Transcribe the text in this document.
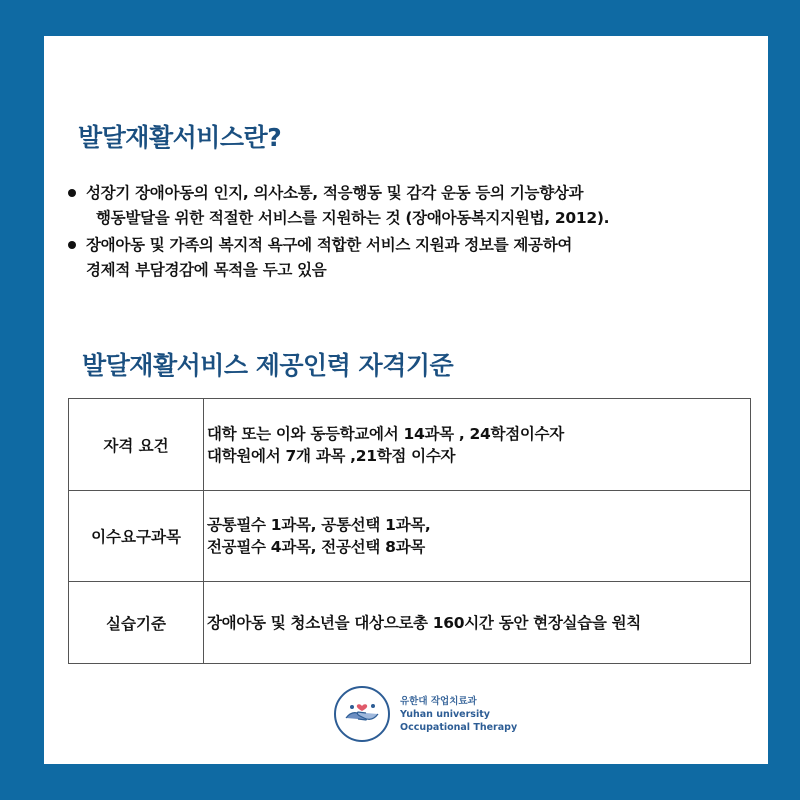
발달재활서비스란?
성장기 장애아동의 인지, 의사소통, 적응행동 및 감각 운동 등의 기능향상과
행동발달을 위한 적절한 서비스를 지원하는 것 (장애아동복지지원법, 2012).
장애아동 및 가족의 복지적 욕구에 적합한 서비스 지원과 정보를 제공하여
경제적 부담경감에 목적을 두고 있음
발달재활서비스 제공인력 자격기준
자격 요건	대학 또는 이와 동등학교에서 14과목 , 24학점이수자
대학원에서 7개 과목 ,21학점 이수자

이수요구과목	공통필수 1과목, 공통선택 1과목,
전공필수 4과목, 전공선택 8과목

실습기준	장애아동 및 청소년을 대상으로총 160시간 동안 현장실습을 원칙
유한대 작업치료과
Yuhan university
Occupational Therapy
